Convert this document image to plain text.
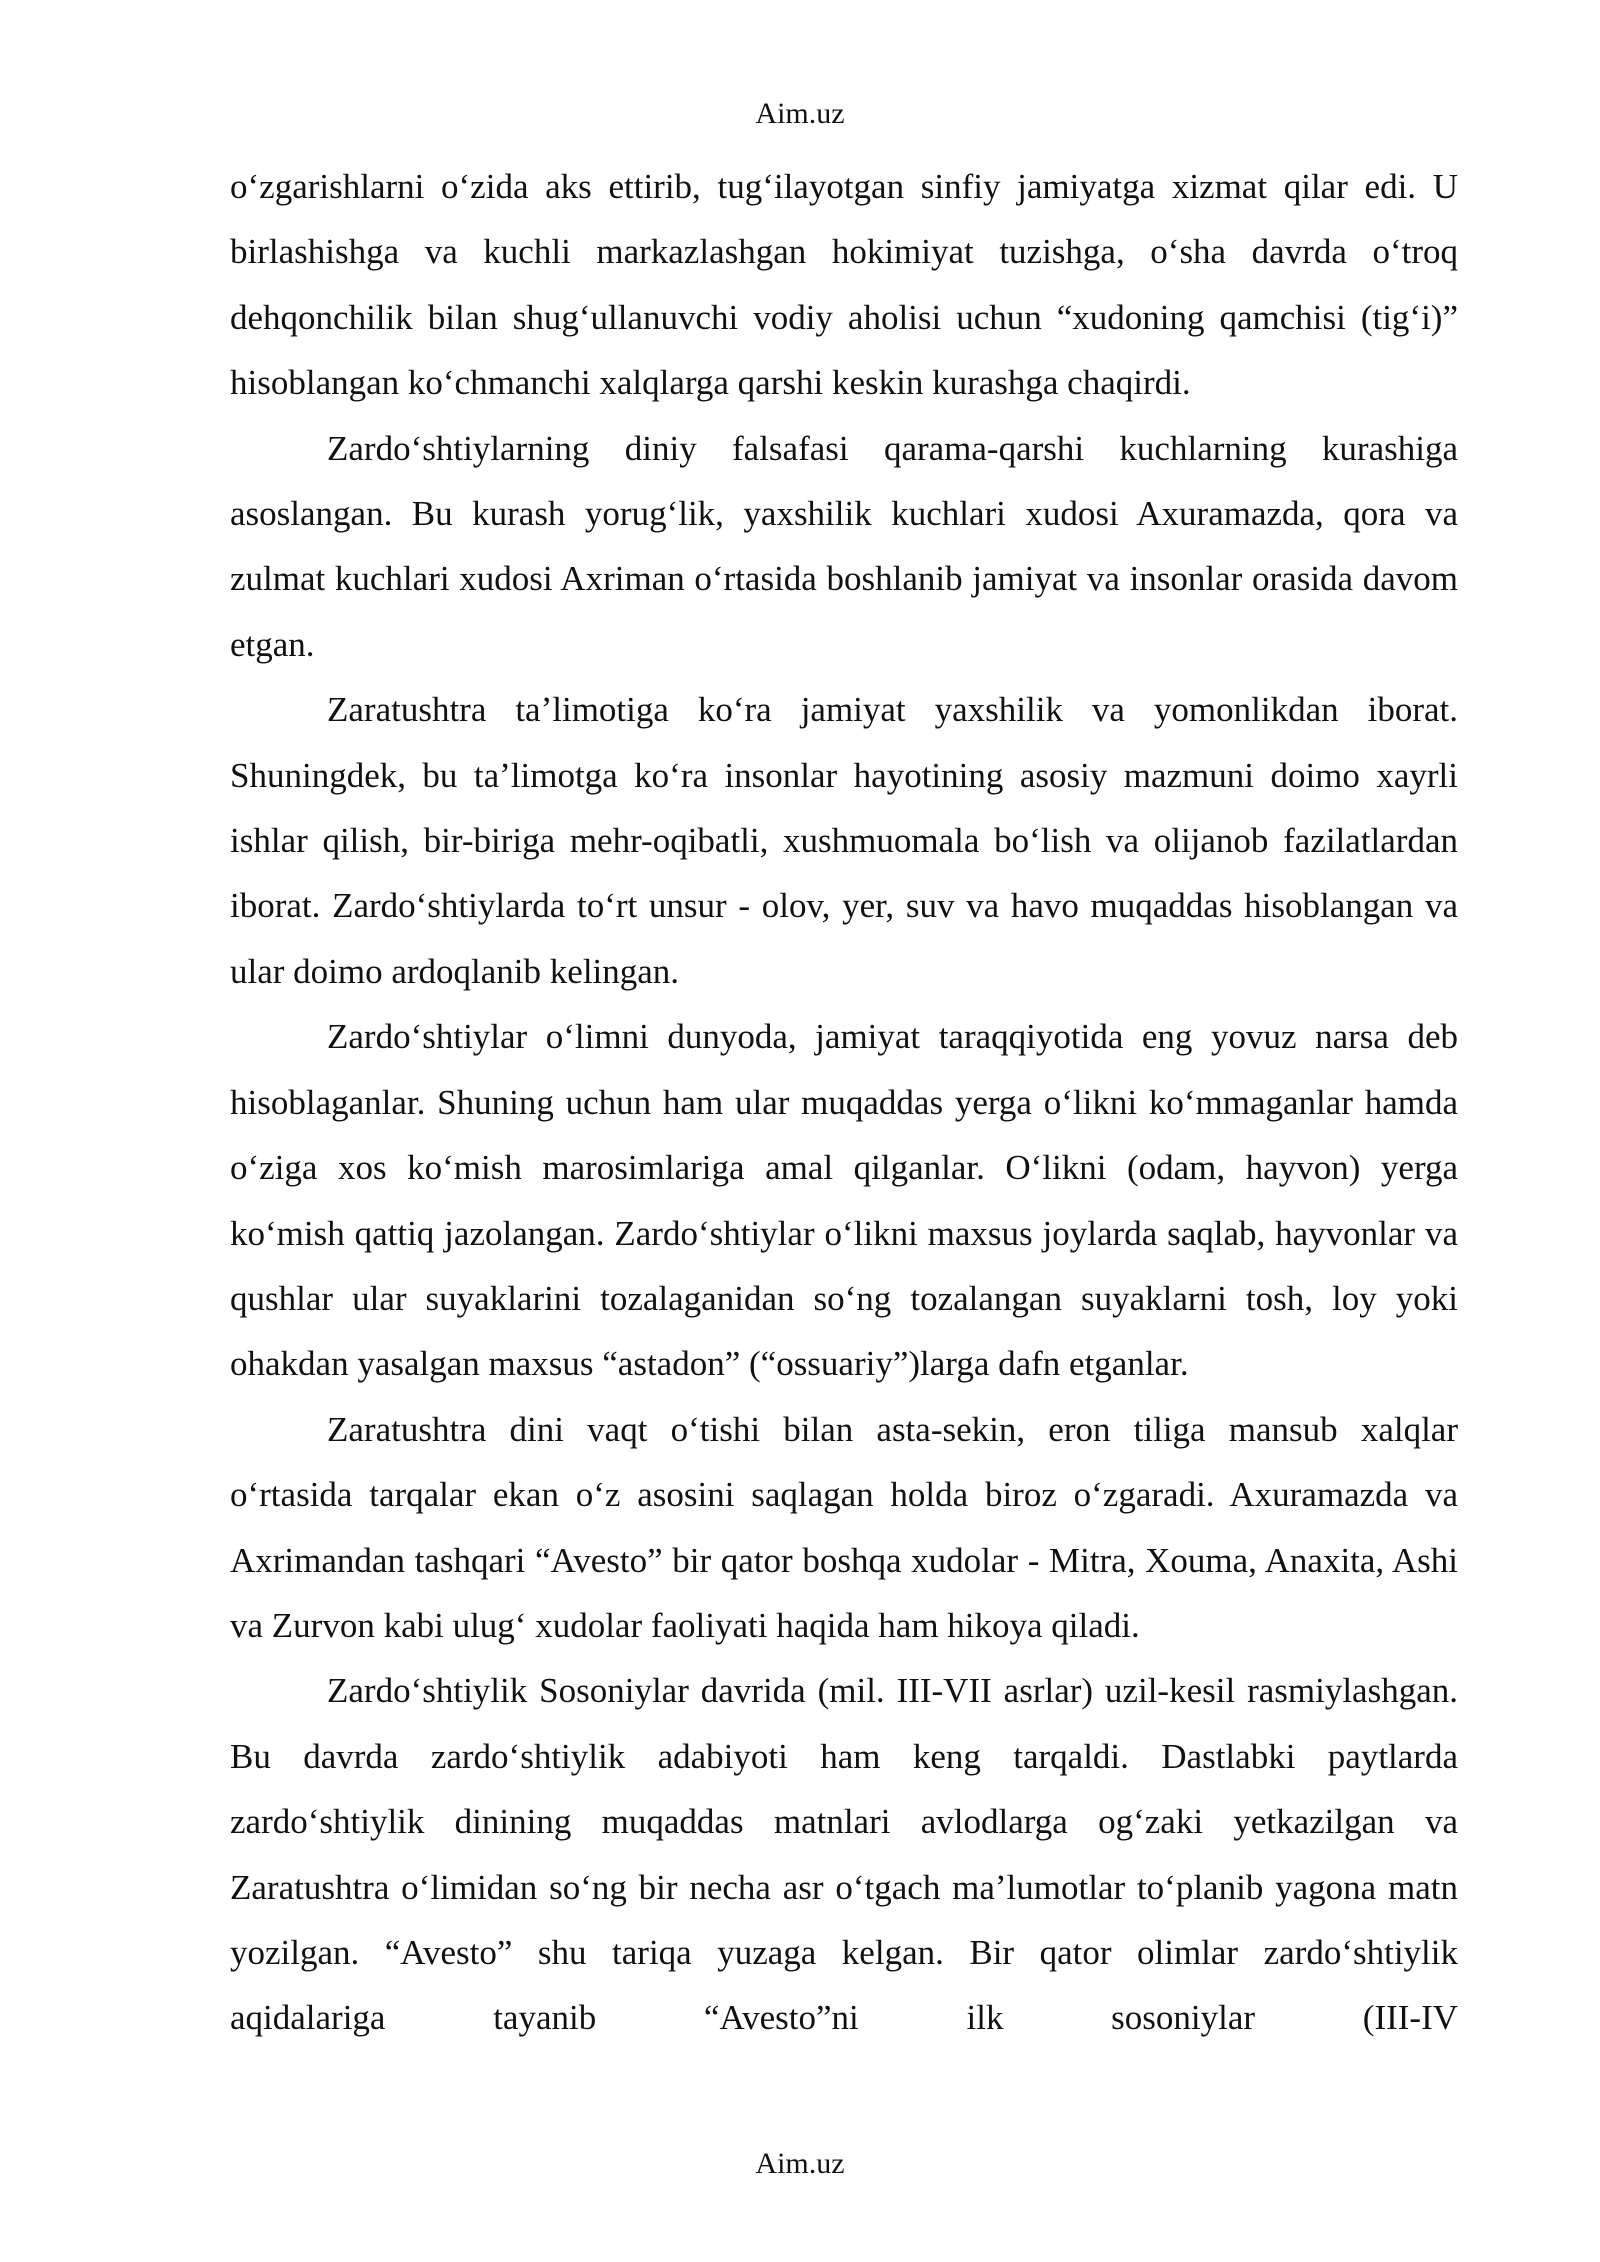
Aim.uz

oʻzgarishlarni oʻzida aks ettirib, tugʻilayotgan sinfiy jamiyatga xizmat qilar edi. U birlashishga va kuchli markazlashgan hokimiyat tuzishga, oʻsha davrda oʻtroq dehqonchilik bilan shugʻullanuvchi vodiy aholisi uchun “xudoning qamchisi (tigʻi)” hisoblangan koʻchmanchi xalqlarga qarshi keskin kurashga chaqirdi.

Zardoʻshtiylarning diniy falsafasi qarama-qarshi kuchlarning kurashiga asoslangan. Bu kurash yorugʻlik, yaxshilik kuchlari xudosi Axuramazda, qora va zulmat kuchlari xudosi Axriman oʻrtasida boshlanib jamiyat va insonlar orasida davom etgan.

Zaratushtra taʼlimotiga koʻra jamiyat yaxshilik va yomonlikdan iborat. Shuningdek, bu taʼlimotga koʻra insonlar hayotining asosiy mazmuni doimo xayrli ishlar qilish, bir-biriga mehr-oqibatli, xushmuomala boʻlish va olijanob fazilatlardan iborat. Zardoʻshtiylarda toʻrt unsur - olov, yer, suv va havo muqaddas hisoblangan va ular doimo ardoqlanib kelingan.

Zardoʻshtiylar oʻlimni dunyoda, jamiyat taraqqiyotida eng yovuz narsa deb hisoblaganlar. Shuning uchun ham ular muqaddas yerga oʻlikni koʻmmaganlar hamda oʻziga xos koʻmish marosimlariga amal qilganlar. Oʻlikni (odam, hayvon) yerga koʻmish qattiq jazolangan. Zardoʻshtiylar oʻlikni maxsus joylarda saqlab, hayvonlar va qushlar ular suyaklarini tozalaganidan soʻng tozalangan suyaklarni tosh, loy yoki ohakdan yasalgan maxsus “astadon” (“ossuariy”)larga dafn etganlar.

Zaratushtra dini vaqt oʻtishi bilan asta-sekin, eron tiliga mansub xalqlar oʻrtasida tarqalar ekan oʻz asosini saqlagan holda biroz oʻzgaradi. Axuramazda va Axrimandan tashqari “Avesto” bir qator boshqa xudolar - Mitra, Xouma, Anaxita, Ashi va Zurvon kabi ulugʻ xudolar faoliyati haqida ham hikoya qiladi.

Zardoʻshtiylik Sosoniylar davrida (mil. III-VII asrlar) uzil-kesil rasmiylashgan. Bu davrda zardoʻshtiylik adabiyoti ham keng tarqaldi. Dastlabki paytlarda zardoʻshtiylik dinining muqaddas matnlari avlodlarga ogʻzaki yetkazilgan va Zaratushtra oʻlimidan soʻng bir necha asr oʻtgach maʼlumotlar toʻplanib yagona matn yozilgan. “Avesto” shu tariqa yuzaga kelgan. Bir qator olimlar zardoʻshtiylik aqidalariga tayanib “Avesto”ni ilk sosoniylar (III-IV

Aim.uz
